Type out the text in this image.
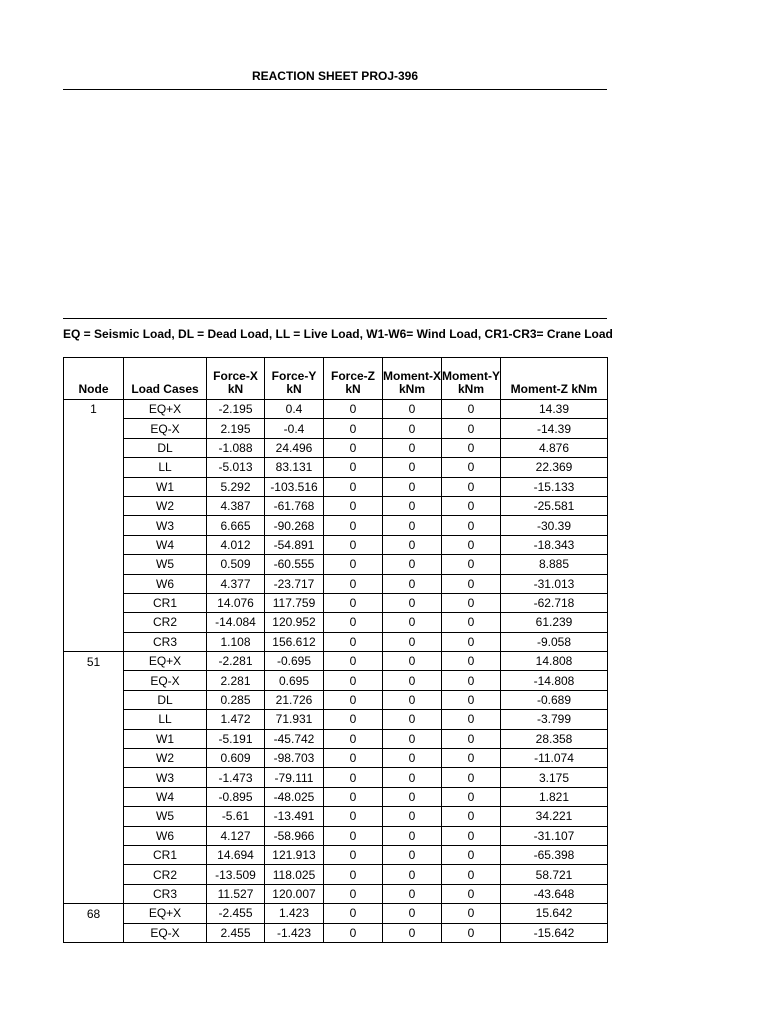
REACTION SHEET PROJ-396
EQ = Seismic Load, DL = Dead Load, LL = Live Load, W1-W6= Wind Load, CR1-CR3= Crane Load
Node	Load Cases	Force-X kN	Force-Y kN	Force-Z kN	Moment-X kNm	Moment-Y kNm	Moment-Z kNm
1	EQ+X	-2.195	0.4	0	0	0	14.39
	EQ-X	2.195	-0.4	0	0	0	-14.39
	DL	-1.088	24.496	0	0	0	4.876
	LL	-5.013	83.131	0	0	0	22.369
	W1	5.292	-103.516	0	0	0	-15.133
	W2	4.387	-61.768	0	0	0	-25.581
	W3	6.665	-90.268	0	0	0	-30.39
	W4	4.012	-54.891	0	0	0	-18.343
	W5	0.509	-60.555	0	0	0	8.885
	W6	4.377	-23.717	0	0	0	-31.013
	CR1	14.076	117.759	0	0	0	-62.718
	CR2	-14.084	120.952	0	0	0	61.239
	CR3	1.108	156.612	0	0	0	-9.058
51	EQ+X	-2.281	-0.695	0	0	0	14.808
	EQ-X	2.281	0.695	0	0	0	-14.808
	DL	0.285	21.726	0	0	0	-0.689
	LL	1.472	71.931	0	0	0	-3.799
	W1	-5.191	-45.742	0	0	0	28.358
	W2	0.609	-98.703	0	0	0	-11.074
	W3	-1.473	-79.111	0	0	0	3.175
	W4	-0.895	-48.025	0	0	0	1.821
	W5	-5.61	-13.491	0	0	0	34.221
	W6	4.127	-58.966	0	0	0	-31.107
	CR1	14.694	121.913	0	0	0	-65.398
	CR2	-13.509	118.025	0	0	0	58.721
	CR3	11.527	120.007	0	0	0	-43.648
68	EQ+X	-2.455	1.423	0	0	0	15.642
	EQ-X	2.455	-1.423	0	0	0	-15.642
